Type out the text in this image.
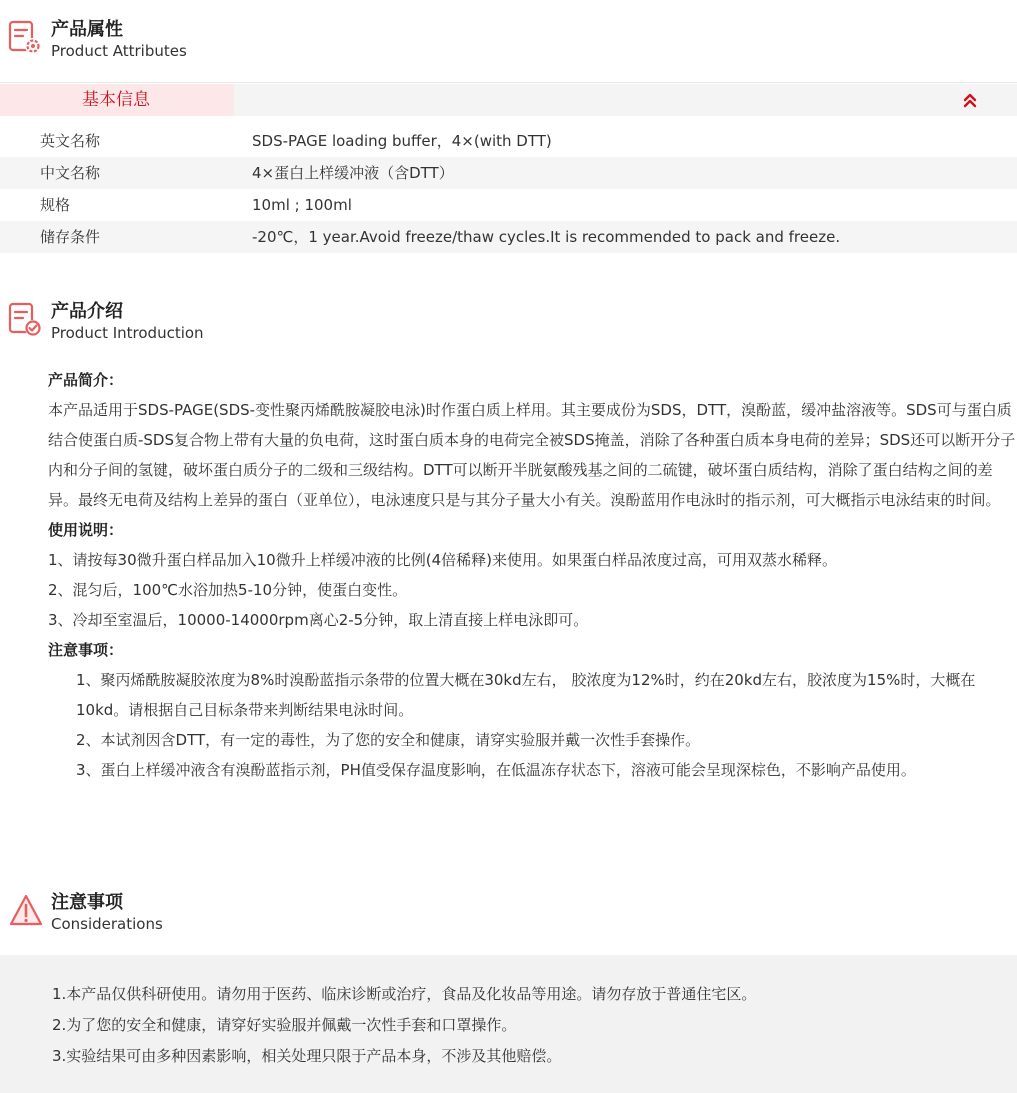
产品属性
Product Attributes
基本信息
英文名称	SDS-PAGE loading buffer，4×(with DTT)
中文名称	4×蛋白上样缓冲液（含DTT）
规格	10ml ; 100ml
储存条件	-20℃，1 year.Avoid freeze/thaw cycles.It is recommended to pack and freeze.
产品介绍
Product Introduction

产品简介：

本产品适用于SDS-PAGE(SDS-变性聚丙烯酰胺凝胶电泳)时作蛋白质上样用。其主要成份为SDS，DTT，溴酚蓝，缓冲盐溶液等。SDS可与蛋白质结合使蛋白质-SDS复合物上带有大量的负电荷，这时蛋白质本身的电荷完全被SDS掩盖，消除了各种蛋白质本身电荷的差异；SDS还可以断开分子内和分子间的氢键，破坏蛋白质分子的二级和三级结构。DTT可以断开半胱氨酸残基之间的二硫键，破坏蛋白质结构，消除了蛋白结构之间的差异。最终无电荷及结构上差异的蛋白（亚单位），电泳速度只是与其分子量大小有关。溴酚蓝用作电泳时的指示剂，可大概指示电泳结束的时间。

使用说明：

1、请按每30微升蛋白样品加入10微升上样缓冲液的比例(4倍稀释)来使用。如果蛋白样品浓度过高，可用双蒸水稀释。

2、混匀后，100℃水浴加热5-10分钟，使蛋白变性。

3、冷却至室温后，10000-14000rpm离心2-5分钟，取上清直接上样电泳即可。

注意事项：

1、聚丙烯酰胺凝胶浓度为8%时溴酚蓝指示条带的位置大概在30kd左右， 胶浓度为12%时，约在20kd左右，胶浓度为15%时，大概在10kd。请根据自己目标条带来判断结果电泳时间。

2、本试剂因含DTT，有一定的毒性，为了您的安全和健康，请穿实验服并戴一次性手套操作。

3、蛋白上样缓冲液含有溴酚蓝指示剂，PH值受保存温度影响，在低温冻存状态下，溶液可能会呈现深棕色，不影响产品使用。

注意事项
Considerations

1.本产品仅供科研使用。请勿用于医药、临床诊断或治疗，食品及化妆品等用途。请勿存放于普通住宅区。

2.为了您的安全和健康，请穿好实验服并佩戴一次性手套和口罩操作。

3.实验结果可由多种因素影响，相关处理只限于产品本身，不涉及其他赔偿。
